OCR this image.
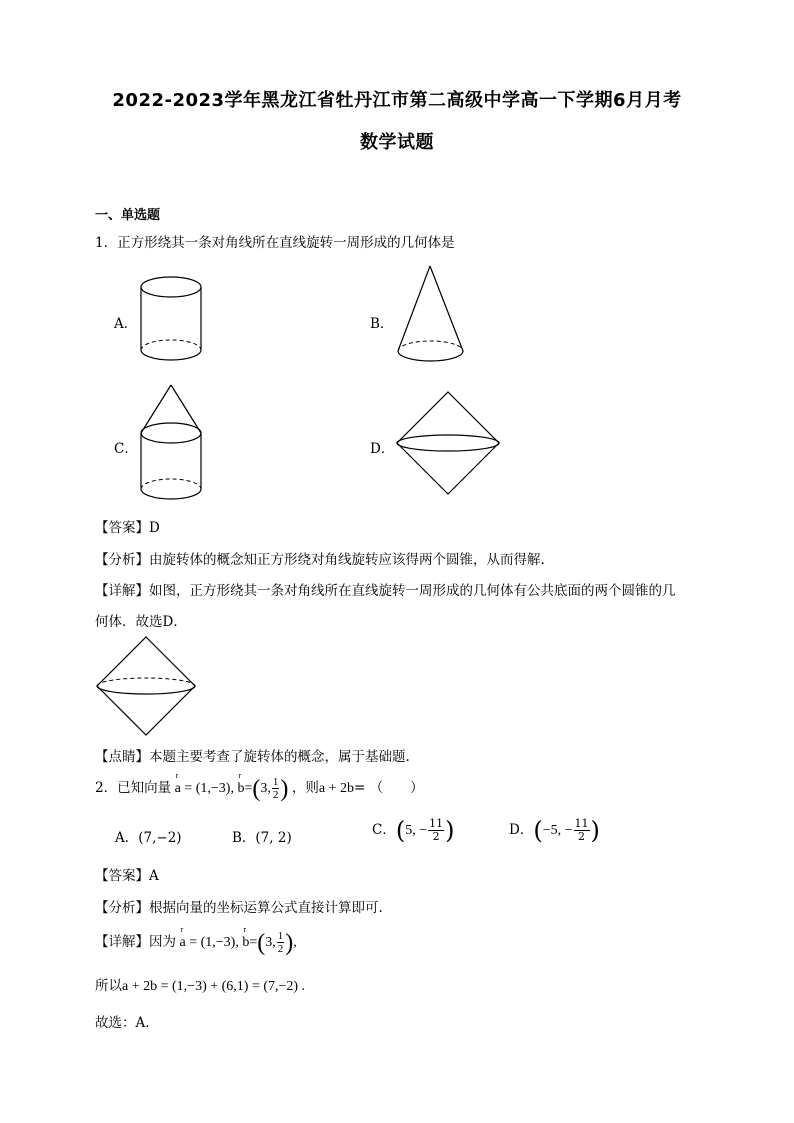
2022-2023学年黑龙江省牡丹江市第二高级中学高一下学期6月月考
数学试题
一、单选题
1．正方形绕其一条对角线所在直线旋转一周形成的几何体是
A．	B．
C．	D．
【答案】D
【分析】由旋转体的概念知正方形绕对角线旋转应该得两个圆锥，从而得解.
【详解】如图，正方形绕其一条对角线所在直线旋转一周形成的几何体有公共底面的两个圆锥的几
何体．故选D．
【点睛】本题主要考查了旋转体的概念，属于基础题.
2．已知向量
r
a = (1,−3),
r
b=(3, $\frac{1}{2}$ ) ，则a + 2b= （　　）
A．(7,−2)	B．(7, 2)	C．(5, − $\frac{11}{2}$ )	D．(−5, − $\frac{11}{2}$ )
【答案】A
【分析】根据向量的坐标运算公式直接计算即可.
【详解】因为
r
a = (1,−3),
r
b=(3, $\frac{1}{2}$ ),
所以a + 2b = (1,−3) + (6,1) = (7,−2) .
故选：A.
